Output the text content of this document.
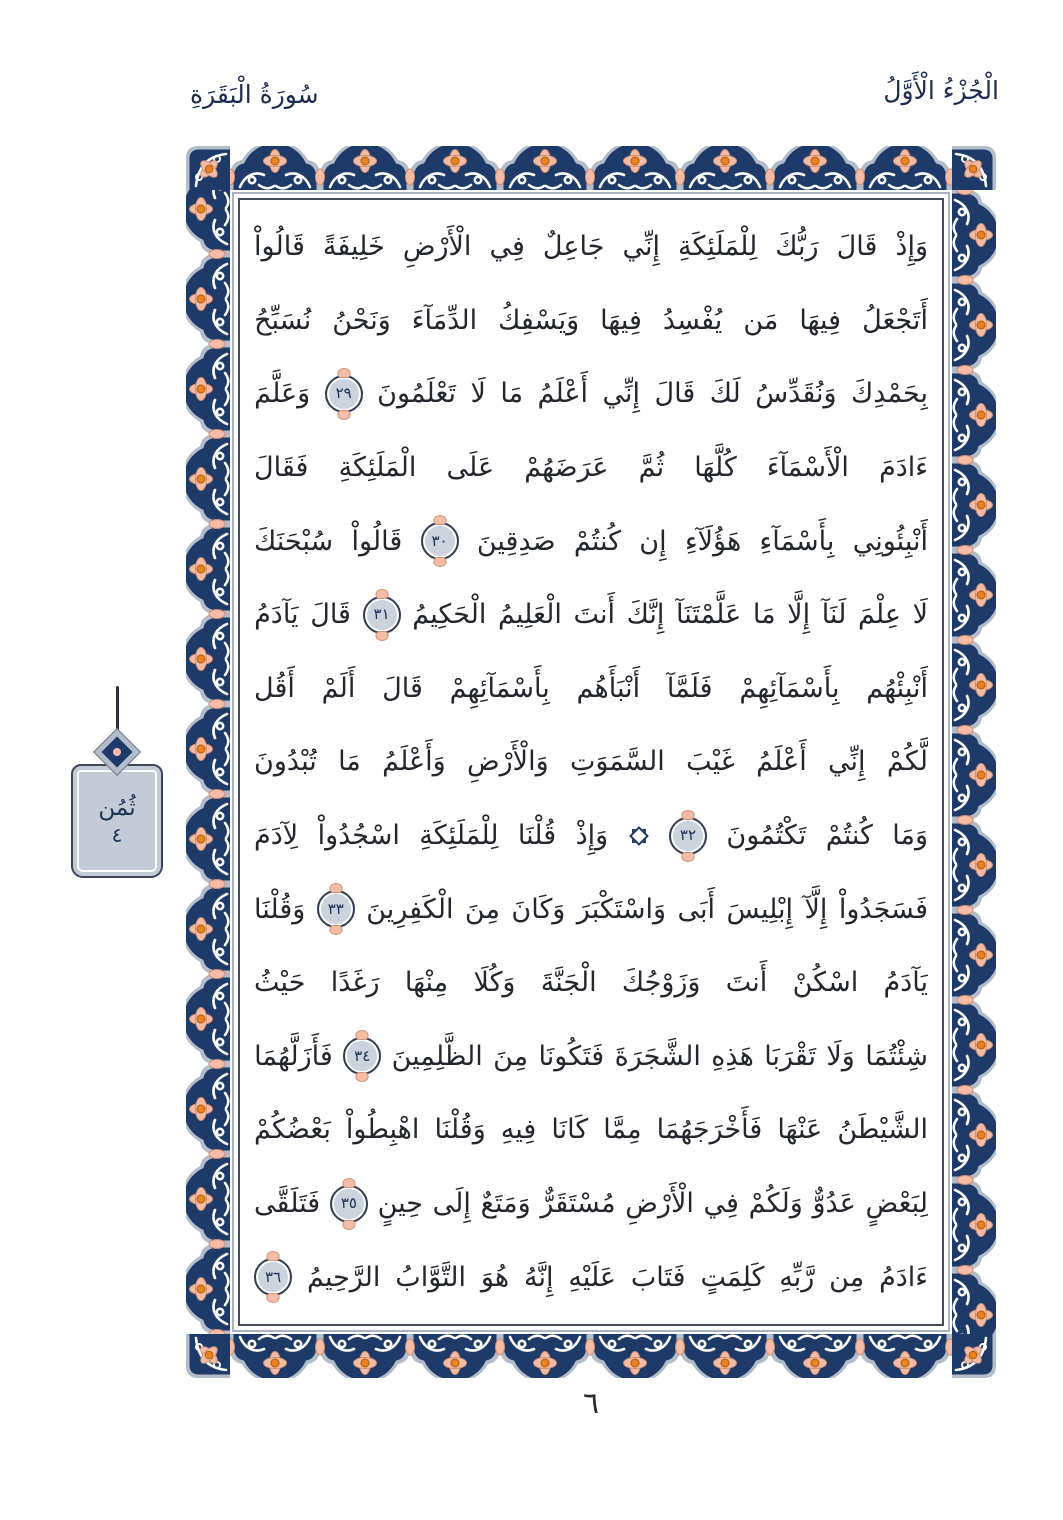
الْجُزْءُ الْأَوَّلُ
سُورَةُ الْبَقَرَةِ
وَإِذْ
قَالَ
رَبُّكَ
لِلْمَلَئِكَةِ
إِنِّي
جَاعِلٌ
فِي
الْأَرْضِ
خَلِيفَةً
قَالُواْ
أَتَجْعَلُ
فِيهَا
مَن
يُفْسِدُ
فِيهَا
وَيَسْفِكُ
الدِّمَآءَ
وَنَحْنُ
نُسَبِّحُ
بِحَمْدِكَ
وَنُقَدِّسُ
لَكَ
قَالَ
إِنِّي
أَعْلَمُ
مَا
لَا
تَعْلَمُونَ
٢٩
وَعَلَّمَ
ءَادَمَ
الْأَسْمَآءَ
كُلَّهَا
ثُمَّ
عَرَضَهُمْ
عَلَى
الْمَلَئِكَةِ
فَقَالَ
أَنْبِئُونِي
بِأَسْمَآءِ
هَؤُلَآءِ
إِن
كُنتُمْ
صَدِقِينَ
٣٠
قَالُواْ
سُبْحَنَكَ
لَا
عِلْمَ
لَنَآ
إِلَّا
مَا
عَلَّمْتَنَآ
إِنَّكَ
أَنتَ
الْعَلِيمُ
الْحَكِيمُ
٣١
قَالَ
يَآدَمُ
أَنْبِئْهُم
بِأَسْمَآئِهِمْ
فَلَمَّآ
أَنْبَأَهُم
بِأَسْمَآئِهِمْ
قَالَ
أَلَمْ
أَقُل
لَّكُمْ
إِنِّي
أَعْلَمُ
غَيْبَ
السَّمَوَتِ
وَالْأَرْضِ
وَأَعْلَمُ
مَا
تُبْدُونَ
وَمَا
كُنتُمْ
تَكْتُمُونَ
٣٢
وَإِذْ
قُلْنَا
لِلْمَلَئِكَةِ
اسْجُدُواْ
لِآدَمَ
فَسَجَدُواْ
إِلَّآ
إِبْلِيسَ
أَبَى
وَاسْتَكْبَرَ
وَكَانَ
مِنَ
الْكَفِرِينَ
٣٣
وَقُلْنَا
يَآدَمُ
اسْكُنْ
أَنتَ
وَزَوْجُكَ
الْجَنَّةَ
وَكُلَا
مِنْهَا
رَغَدًا
حَيْثُ
شِئْتُمَا
وَلَا
تَقْرَبَا
هَذِهِ
الشَّجَرَةَ
فَتَكُونَا
مِنَ
الظَّلِمِينَ
٣٤
فَأَزَلَّهُمَا
الشَّيْطَنُ
عَنْهَا
فَأَخْرَجَهُمَا
مِمَّا
كَانَا
فِيهِ
وَقُلْنَا
اهْبِطُواْ
بَعْضُكُمْ
لِبَعْضٍ
عَدُوٌّ
وَلَكُمْ
فِي
الْأَرْضِ
مُسْتَقَرٌّ
وَمَتَعٌ
إِلَى
حِينٍ
٣٥
فَتَلَقَّى
ءَادَمُ
مِن
رَّبِّهِ
كَلِمَتٍ
فَتَابَ
عَلَيْهِ
إِنَّهُ
هُوَ
التَّوَّابُ
الرَّحِيمُ
٣٦
ثُمُن
٤
٦
